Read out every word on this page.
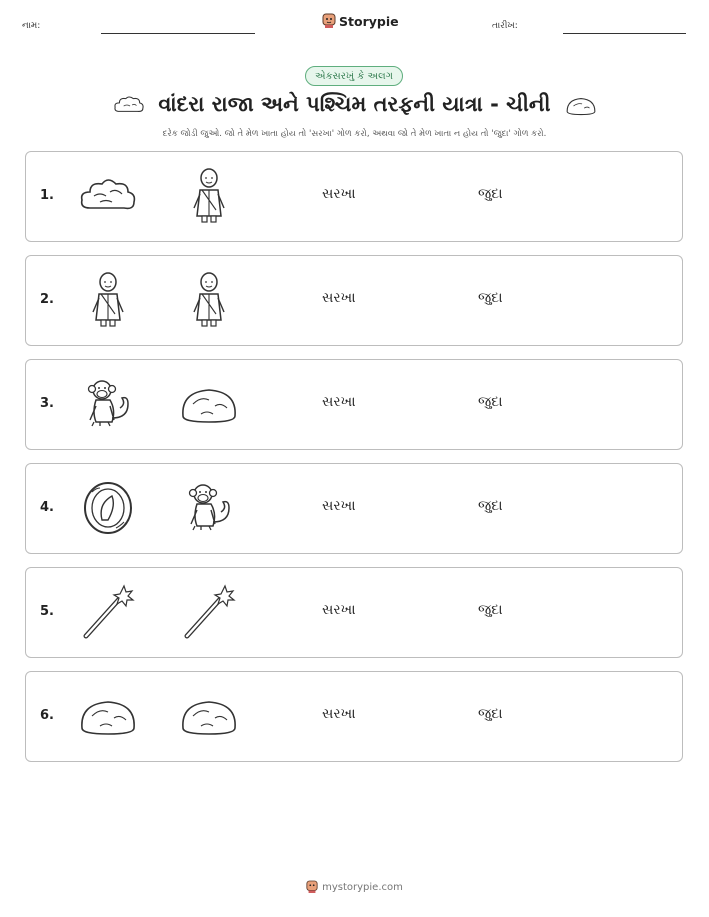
નામ:	Storypie	તારીખ:
એકસરખું કે અલગ
વાંદરા રાજા અને પશ્ચિમ તરફની યાત્રા - ચીની
દરેક જોડી જુઓ. જો તે મેળ ખાતા હોય તો 'સરખા' ગોળ કરો, અથવા જો તે મેળ ખાતા ન હોય તો 'જુદા' ગોળ કરો.
1.	સરખા	જુદા
2.	સરખા	જુદા
3.	સરખા	જુદા
4.	સરખા	જુદા
5.	સરખા	જુદા
6.	સરખા	જુદા
mystorypie.com
